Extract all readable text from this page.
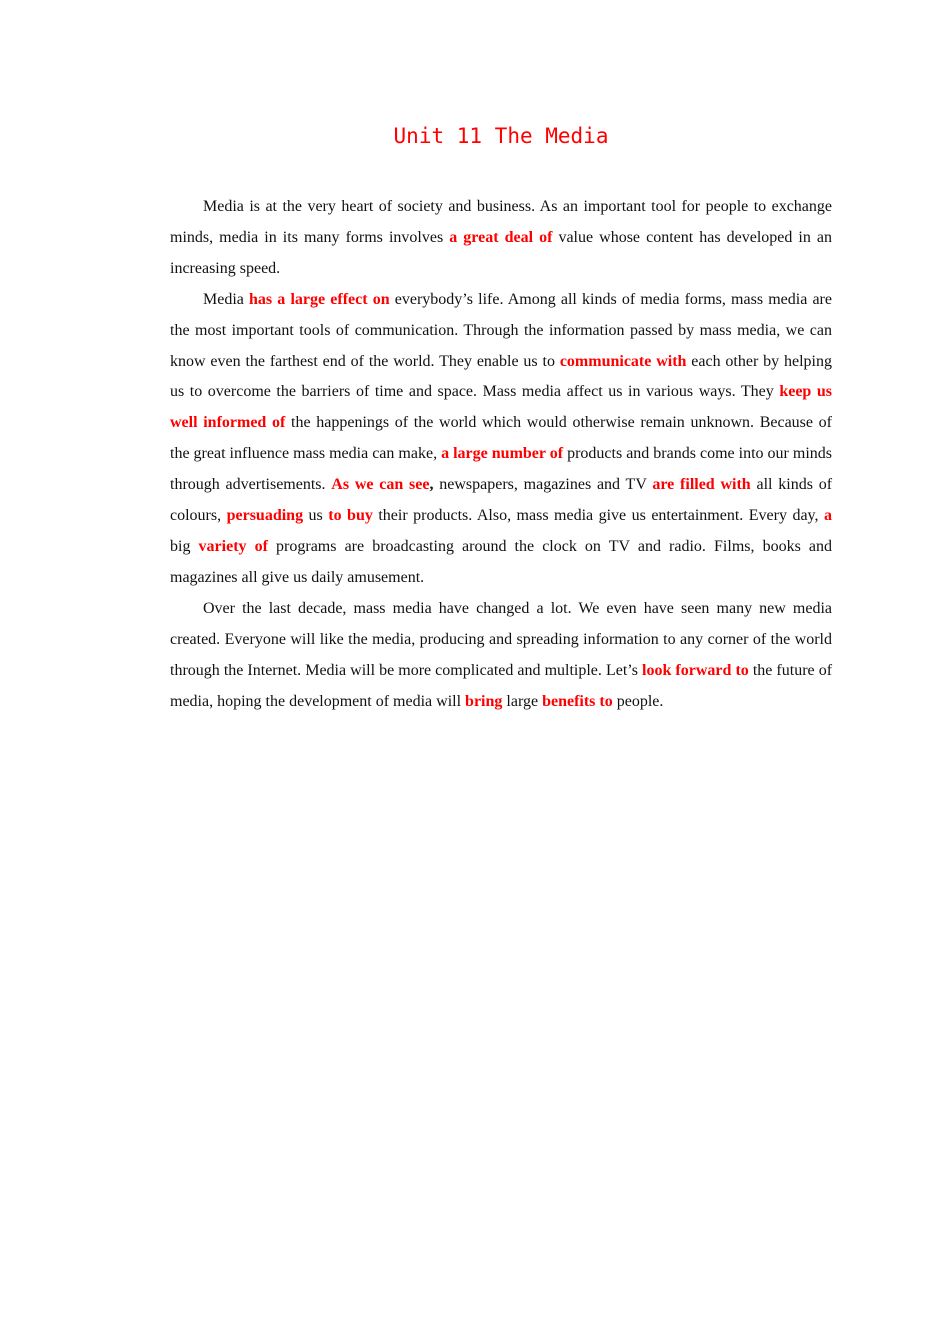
Unit 11 The Media

Media is at the very heart of society and business. As an important tool for people to exchange minds, media in its many forms involves a great deal of value whose content has developed in an increasing speed.

Media has a large effect on everybody’s life. Among all kinds of media forms, mass media are the most important tools of communication. Through the information passed by mass media, we can know even the farthest end of the world. They enable us to communicate with each other by helping us to overcome the barriers of time and space. Mass media affect us in various ways. They keep us well informed of the happenings of the world which would otherwise remain unknown. Because of the great influence mass media can make, a large number of products and brands come into our minds through advertisements. As we can see, newspapers, magazines and TV are filled with all kinds of colours, persuading us to buy their products. Also, mass media give us entertainment. Every day, a big variety of programs are broadcasting around the clock on TV and radio. Films, books and magazines all give us daily amusement.

Over the last decade, mass media have changed a lot. We even have seen many new media created. Everyone will like the media, producing and spreading information to any corner of the world through the Internet. Media will be more complicated and multiple. Let’s look forward to the future of media, hoping the development of media will bring large benefits to people.
